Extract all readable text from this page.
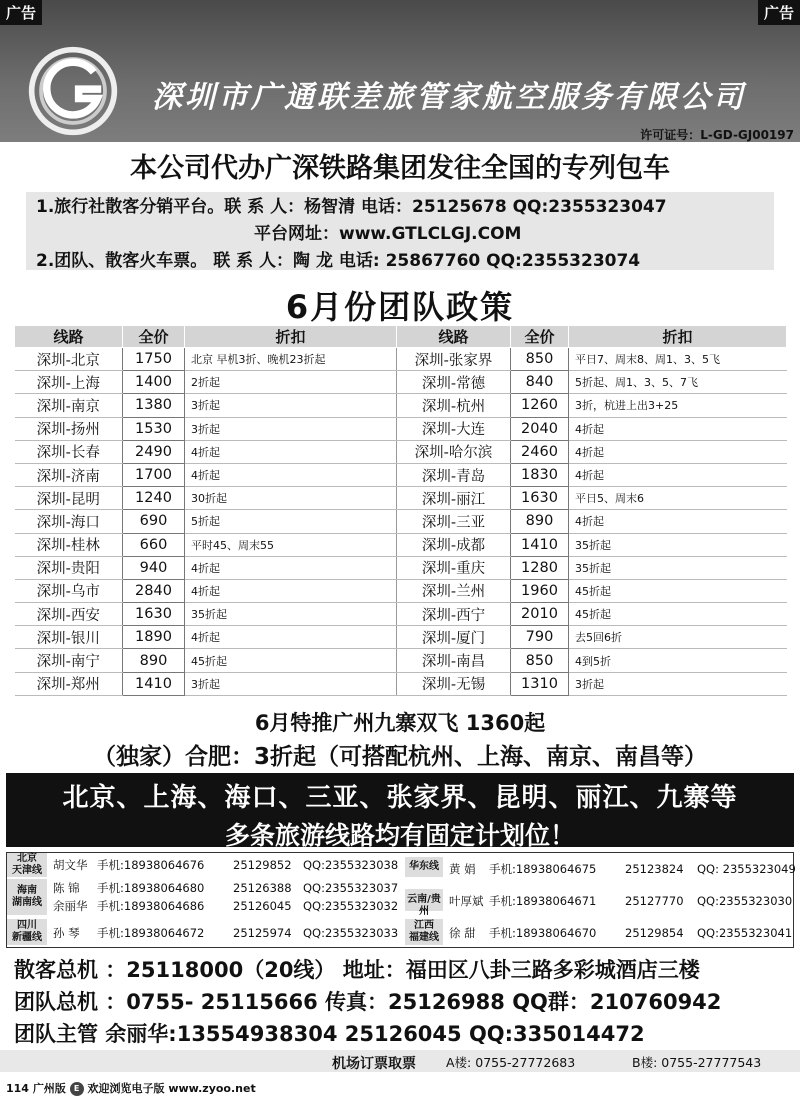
广告	广告
深圳市广通联差旅管家航空服务有限公司
许可证号：L-GD-GJ00197
本公司代办广深铁路集团发往全国的专列包车
1.旅行社散客分销平台。联 系 人：杨智清 电话：25125678 QQ:2355323047
平台网址：www.GTLCLGJ.COM
2.团队、散客火车票。 联 系 人：陶 龙 电话: 25867760 QQ:2355323074
6月份团队政策
线路	全价	折扣	线路	全价	折扣
深圳-北京	1750	北京 早机3折、晚机23折起	深圳-张家界	850	平日7、周末8、周1、3、5飞
深圳-上海	1400	2折起	深圳-常德	840	5折起、周1、3、5、7飞
深圳-南京	1380	3折起	深圳-杭州	1260	3折，杭进上出3+25
深圳-扬州	1530	3折起	深圳-大连	2040	4折起
深圳-长春	2490	4折起	深圳-哈尔滨	2460	4折起
深圳-济南	1700	4折起	深圳-青岛	1830	4折起
深圳-昆明	1240	30折起	深圳-丽江	1630	平日5、周末6
深圳-海口	690	5折起	深圳-三亚	890	4折起
深圳-桂林	660	平时45、周末55	深圳-成都	1410	35折起
深圳-贵阳	940	4折起	深圳-重庆	1280	35折起
深圳-乌市	2840	4折起	深圳-兰州	1960	45折起
深圳-西安	1630	35折起	深圳-西宁	2010	45折起
深圳-银川	1890	4折起	深圳-厦门	790	去5回6折
深圳-南宁	890	45折起	深圳-南昌	850	4到5折
深圳-郑州	1410	3折起	深圳-无锡	1310	3折起
6月特推广州九寨双飞 1360起
（独家）合肥：3折起（可搭配杭州、上海、南京、南昌等）
北京、上海、海口、三亚、张家界、昆明、丽江、九寨等
多条旅游线路均有固定计划位！
北京
天津线 胡文华 手机:18938064676 25129852 QQ:2355323038
海南
湖南线
陈 锦 手机:18938064680 25126388 QQ:2355323037
余丽华 手机:18938064686 25126045 QQ:2355323032
四川
新疆线 孙 琴 手机:18938064672 25125974 QQ:2355323033
华东线 黄 娟 手机:18938064675 25123824 QQ: 2355323049
云南/贵州
叶厚斌 手机:18938064671 25127770 QQ:2355323030
江西
福建线 徐 甜 手机:18938064670 25129854 QQ:2355323041
散客总机 ：25118000（20线） 地址：福田区八卦三路多彩城酒店三楼
团队总机 ：0755- 25115666 传真：25126988 QQ群：210760942
团队主管 余丽华:13554938304 25126045 QQ:335014472
机场订票取票 A楼: 0755-27772683	B楼: 0755-27777543
114 广州版 E 欢迎浏览电子版 www.zyoo.net
